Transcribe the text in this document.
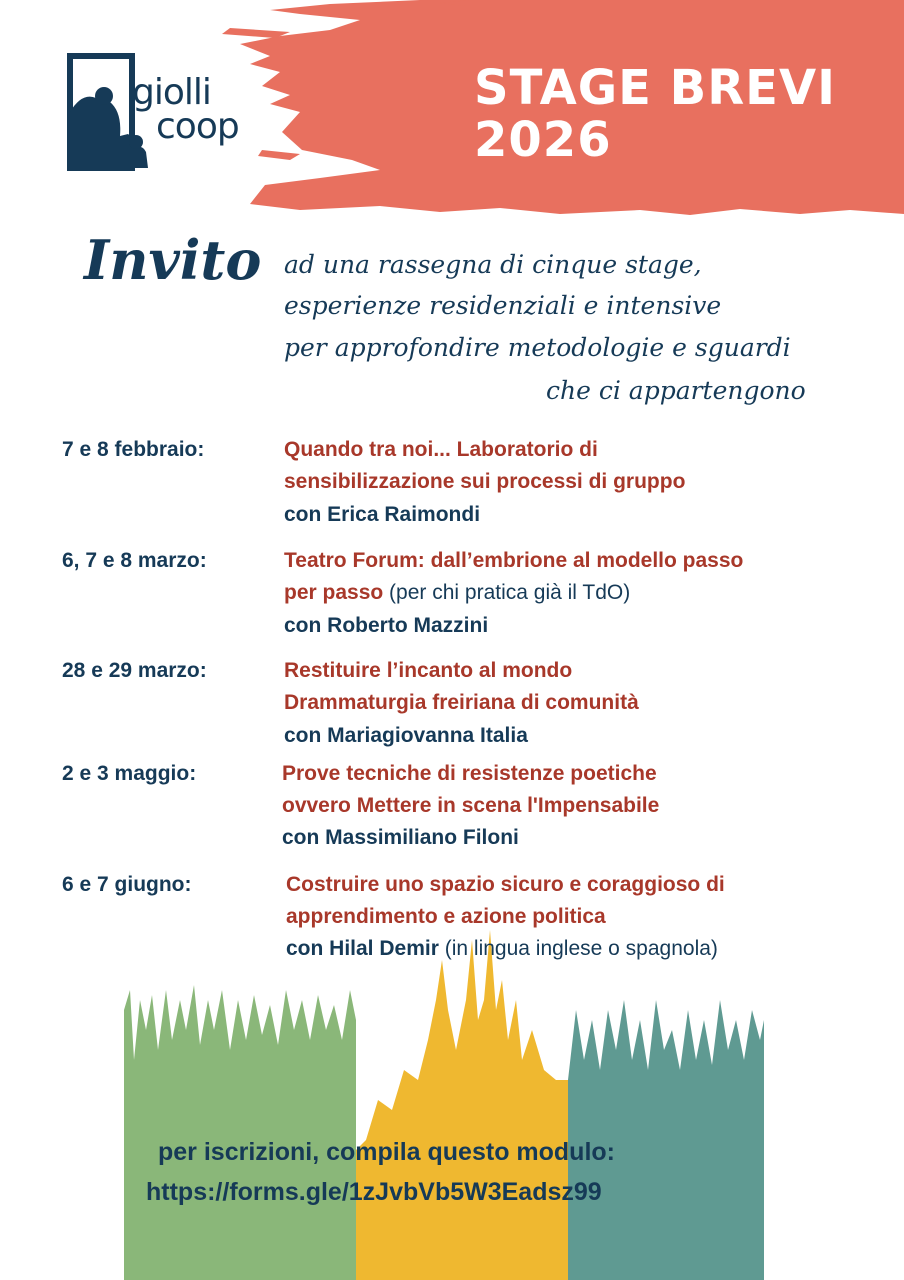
giolli
coop
STAGE BREVI
2026
Invito ad una rassegna di cinque stage,
esperienze residenziali e intensive
per approfondire metodologie e sguardi
che ci appartengono
7 e 8 febbraio:	Quando tra noi... Laboratorio di
sensibilizzazione sui processi di gruppo
con Erica Raimondi
6, 7 e 8 marzo:	Teatro Forum: dall’embrione al modello passo
per passo (per chi pratica già il TdO)
con Roberto Mazzini
28 e 29 marzo:	Restituire l’incanto al mondo
Drammaturgia freiriana di comunità
con Mariagiovanna Italia
2 e 3 maggio:	Prove tecniche di resistenze poetiche
ovvero Mettere in scena l'Impensabile
con Massimiliano Filoni
6 e 7 giugno:	Costruire uno spazio sicuro e coraggioso di
apprendimento e azione politica
con Hilal Demir (in lingua inglese o spagnola)
per iscrizioni, compila questo modulo:
https://forms.gle/1zJvbVb5W3Eadsz99
